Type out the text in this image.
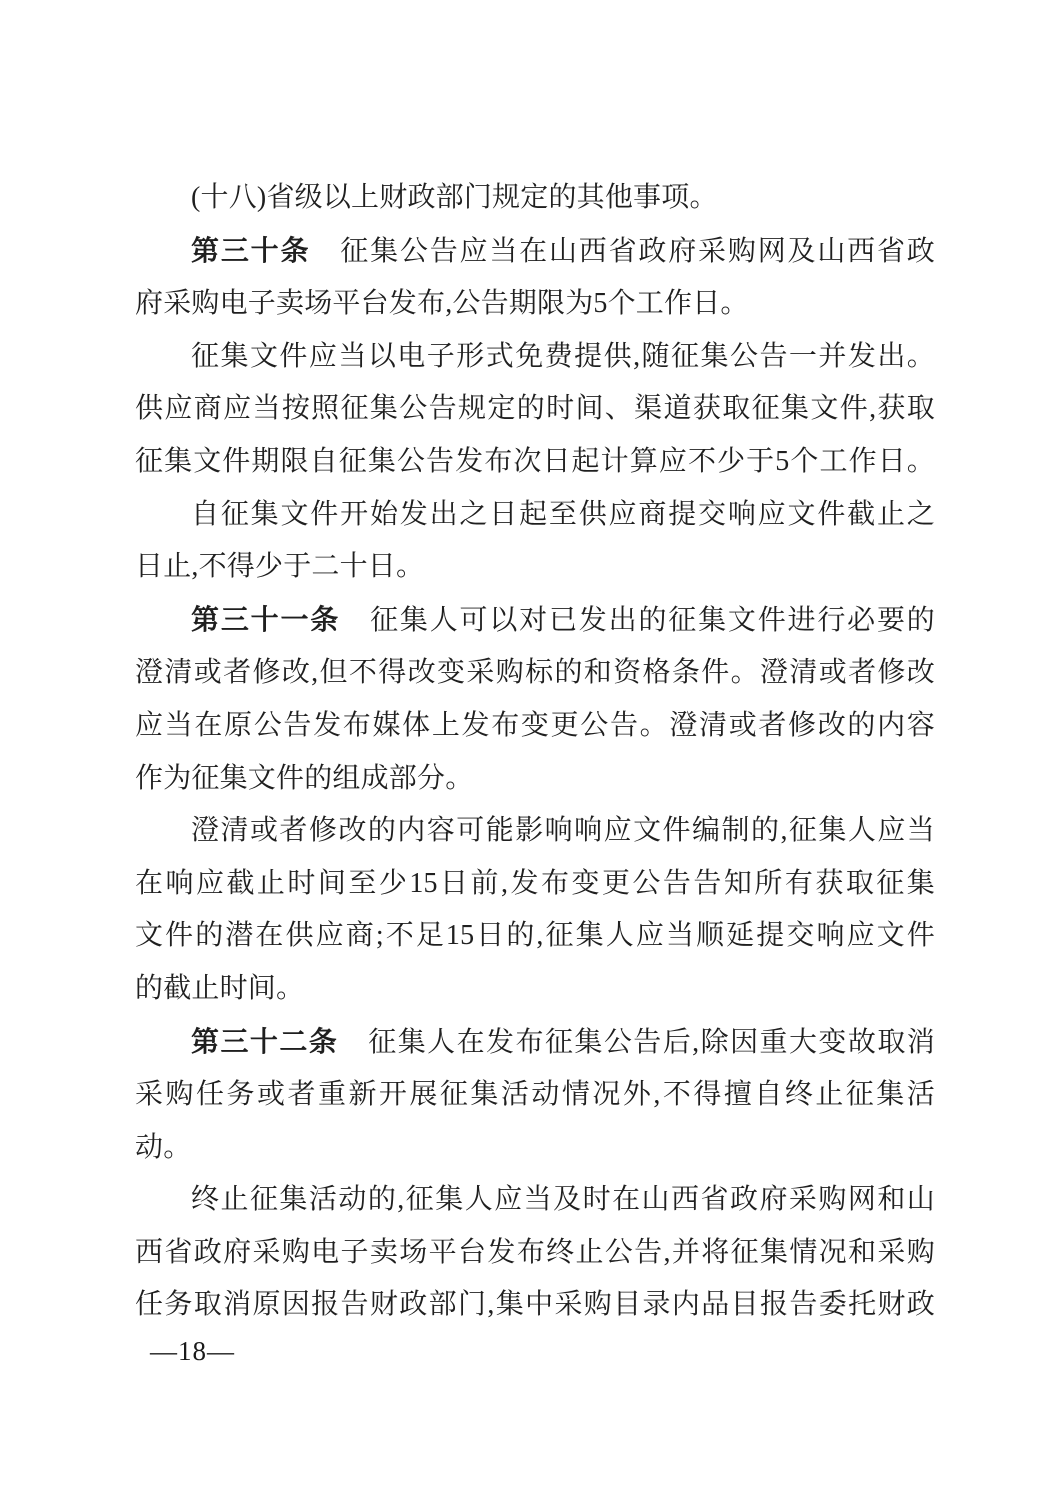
(十八)省级以上财政部门规定的其他事项。
第三十条 征集公告应当在山西省政府采购网及山西省政
府采购电子卖场平台发布,公告期限为5个工作日。
征集文件应当以电子形式免费提供,随征集公告一并发出。
供应商应当按照征集公告规定的时间、渠道获取征集文件,获取
征集文件期限自征集公告发布次日起计算应不少于5个工作日。
自征集文件开始发出之日起至供应商提交响应文件截止之
日止,不得少于二十日。
第三十一条 征集人可以对已发出的征集文件进行必要的
澄清或者修改,但不得改变采购标的和资格条件。澄清或者修改
应当在原公告发布媒体上发布变更公告。澄清或者修改的内容
作为征集文件的组成部分。
澄清或者修改的内容可能影响响应文件编制的,征集人应当
在响应截止时间至少15日前,发布变更公告告知所有获取征集
文件的潜在供应商;不足15日的,征集人应当顺延提交响应文件
的截止时间。
第三十二条 征集人在发布征集公告后,除因重大变故取消
采购任务或者重新开展征集活动情况外,不得擅自终止征集活
动。
终止征集活动的,征集人应当及时在山西省政府采购网和山
西省政府采购电子卖场平台发布终止公告,并将征集情况和采购
任务取消原因报告财政部门,集中采购目录内品目报告委托财政
—18—
